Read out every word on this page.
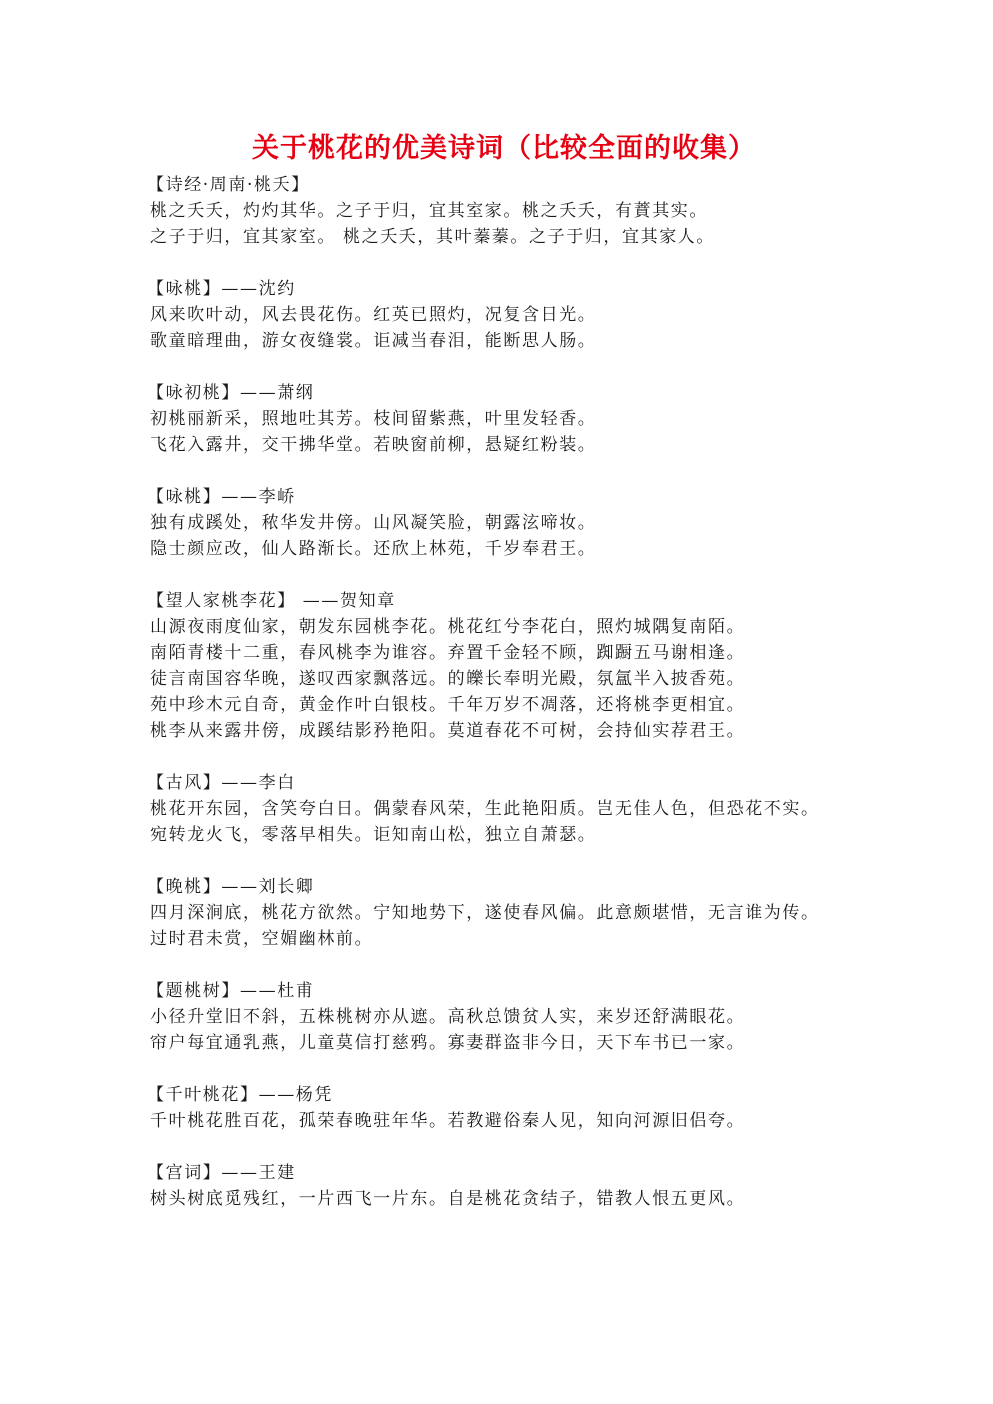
关于桃花的优美诗词（比较全面的收集）
【诗经·周南·桃夭】
桃之夭夭，灼灼其华。之子于归，宜其室家。桃之夭夭，有蕡其实。
之子于归，宜其家室。 桃之夭夭，其叶蓁蓁。之子于归，宜其家人。
【咏桃】——沈约
风来吹叶动，风去畏花伤。红英已照灼，况复含日光。
歌童暗理曲，游女夜缝裳。讵减当春泪，能断思人肠。
【咏初桃】——萧纲
初桃丽新采，照地吐其芳。枝间留紫燕，叶里发轻香。
飞花入露井，交干拂华堂。若映窗前柳，悬疑红粉装。
【咏桃】——李峤
独有成蹊处，秾华发井傍。山风凝笑脸，朝露泫啼妆。
隐士颜应改，仙人路渐长。还欣上林苑，千岁奉君王。
【望人家桃李花】 ——贺知章
山源夜雨度仙家，朝发东园桃李花。桃花红兮李花白，照灼城隅复南陌。
南陌青楼十二重，春风桃李为谁容。弃置千金轻不顾，踟蹰五马谢相逢。
徒言南国容华晚，遂叹西家飘落远。的皪长奉明光殿，氛氲半入披香苑。
苑中珍木元自奇，黄金作叶白银枝。千年万岁不凋落，还将桃李更相宜。
桃李从来露井傍，成蹊结影矜艳阳。莫道春花不可树，会持仙实荐君王。
【古风】——李白
桃花开东园，含笑夸白日。偶蒙春风荣，生此艳阳质。岂无佳人色，但恐花不实。
宛转龙火飞，零落早相失。讵知南山松，独立自萧瑟。
【晚桃】——刘长卿
四月深涧底，桃花方欲然。宁知地势下，遂使春风偏。此意颇堪惜，无言谁为传。
过时君未赏，空媚幽林前。
【题桃树】——杜甫
小径升堂旧不斜，五株桃树亦从遮。高秋总馈贫人实，来岁还舒满眼花。
帘户每宜通乳燕，儿童莫信打慈鸦。寡妻群盗非今日，天下车书已一家。
【千叶桃花】——杨凭
千叶桃花胜百花，孤荣春晚驻年华。若教避俗秦人见，知向河源旧侣夸。
【宫词】——王建
树头树底觅残红，一片西飞一片东。自是桃花贪结子，错教人恨五更风。
